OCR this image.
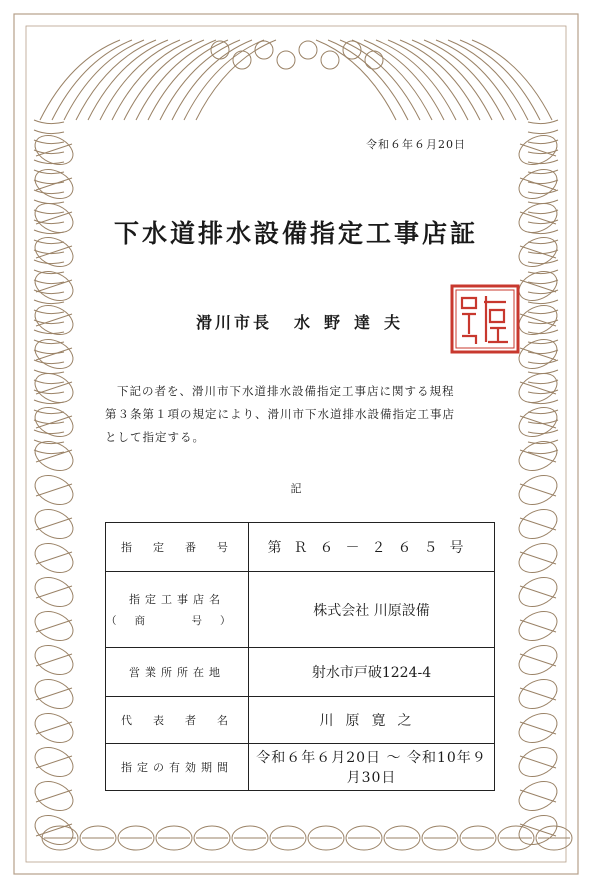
令和６年６月20日
下水道排水設備指定工事店証
滑川市長 水野達夫

下記の者を、滑川市下水道排水設備指定工事店に関する規程

第３条第１項の規定により、滑川市下水道排水設備指定工事店

として指定する。

記
指　定　番　号	第Ｒ６－２６５号
指定工事店名
（商　号）	株式会社 川原設備
営業所所在地	射水市戸破1224-4
代　表　者　名	川原寛之
指定の有効期間	令和６年６月20日 ～ 令和10年９月30日
